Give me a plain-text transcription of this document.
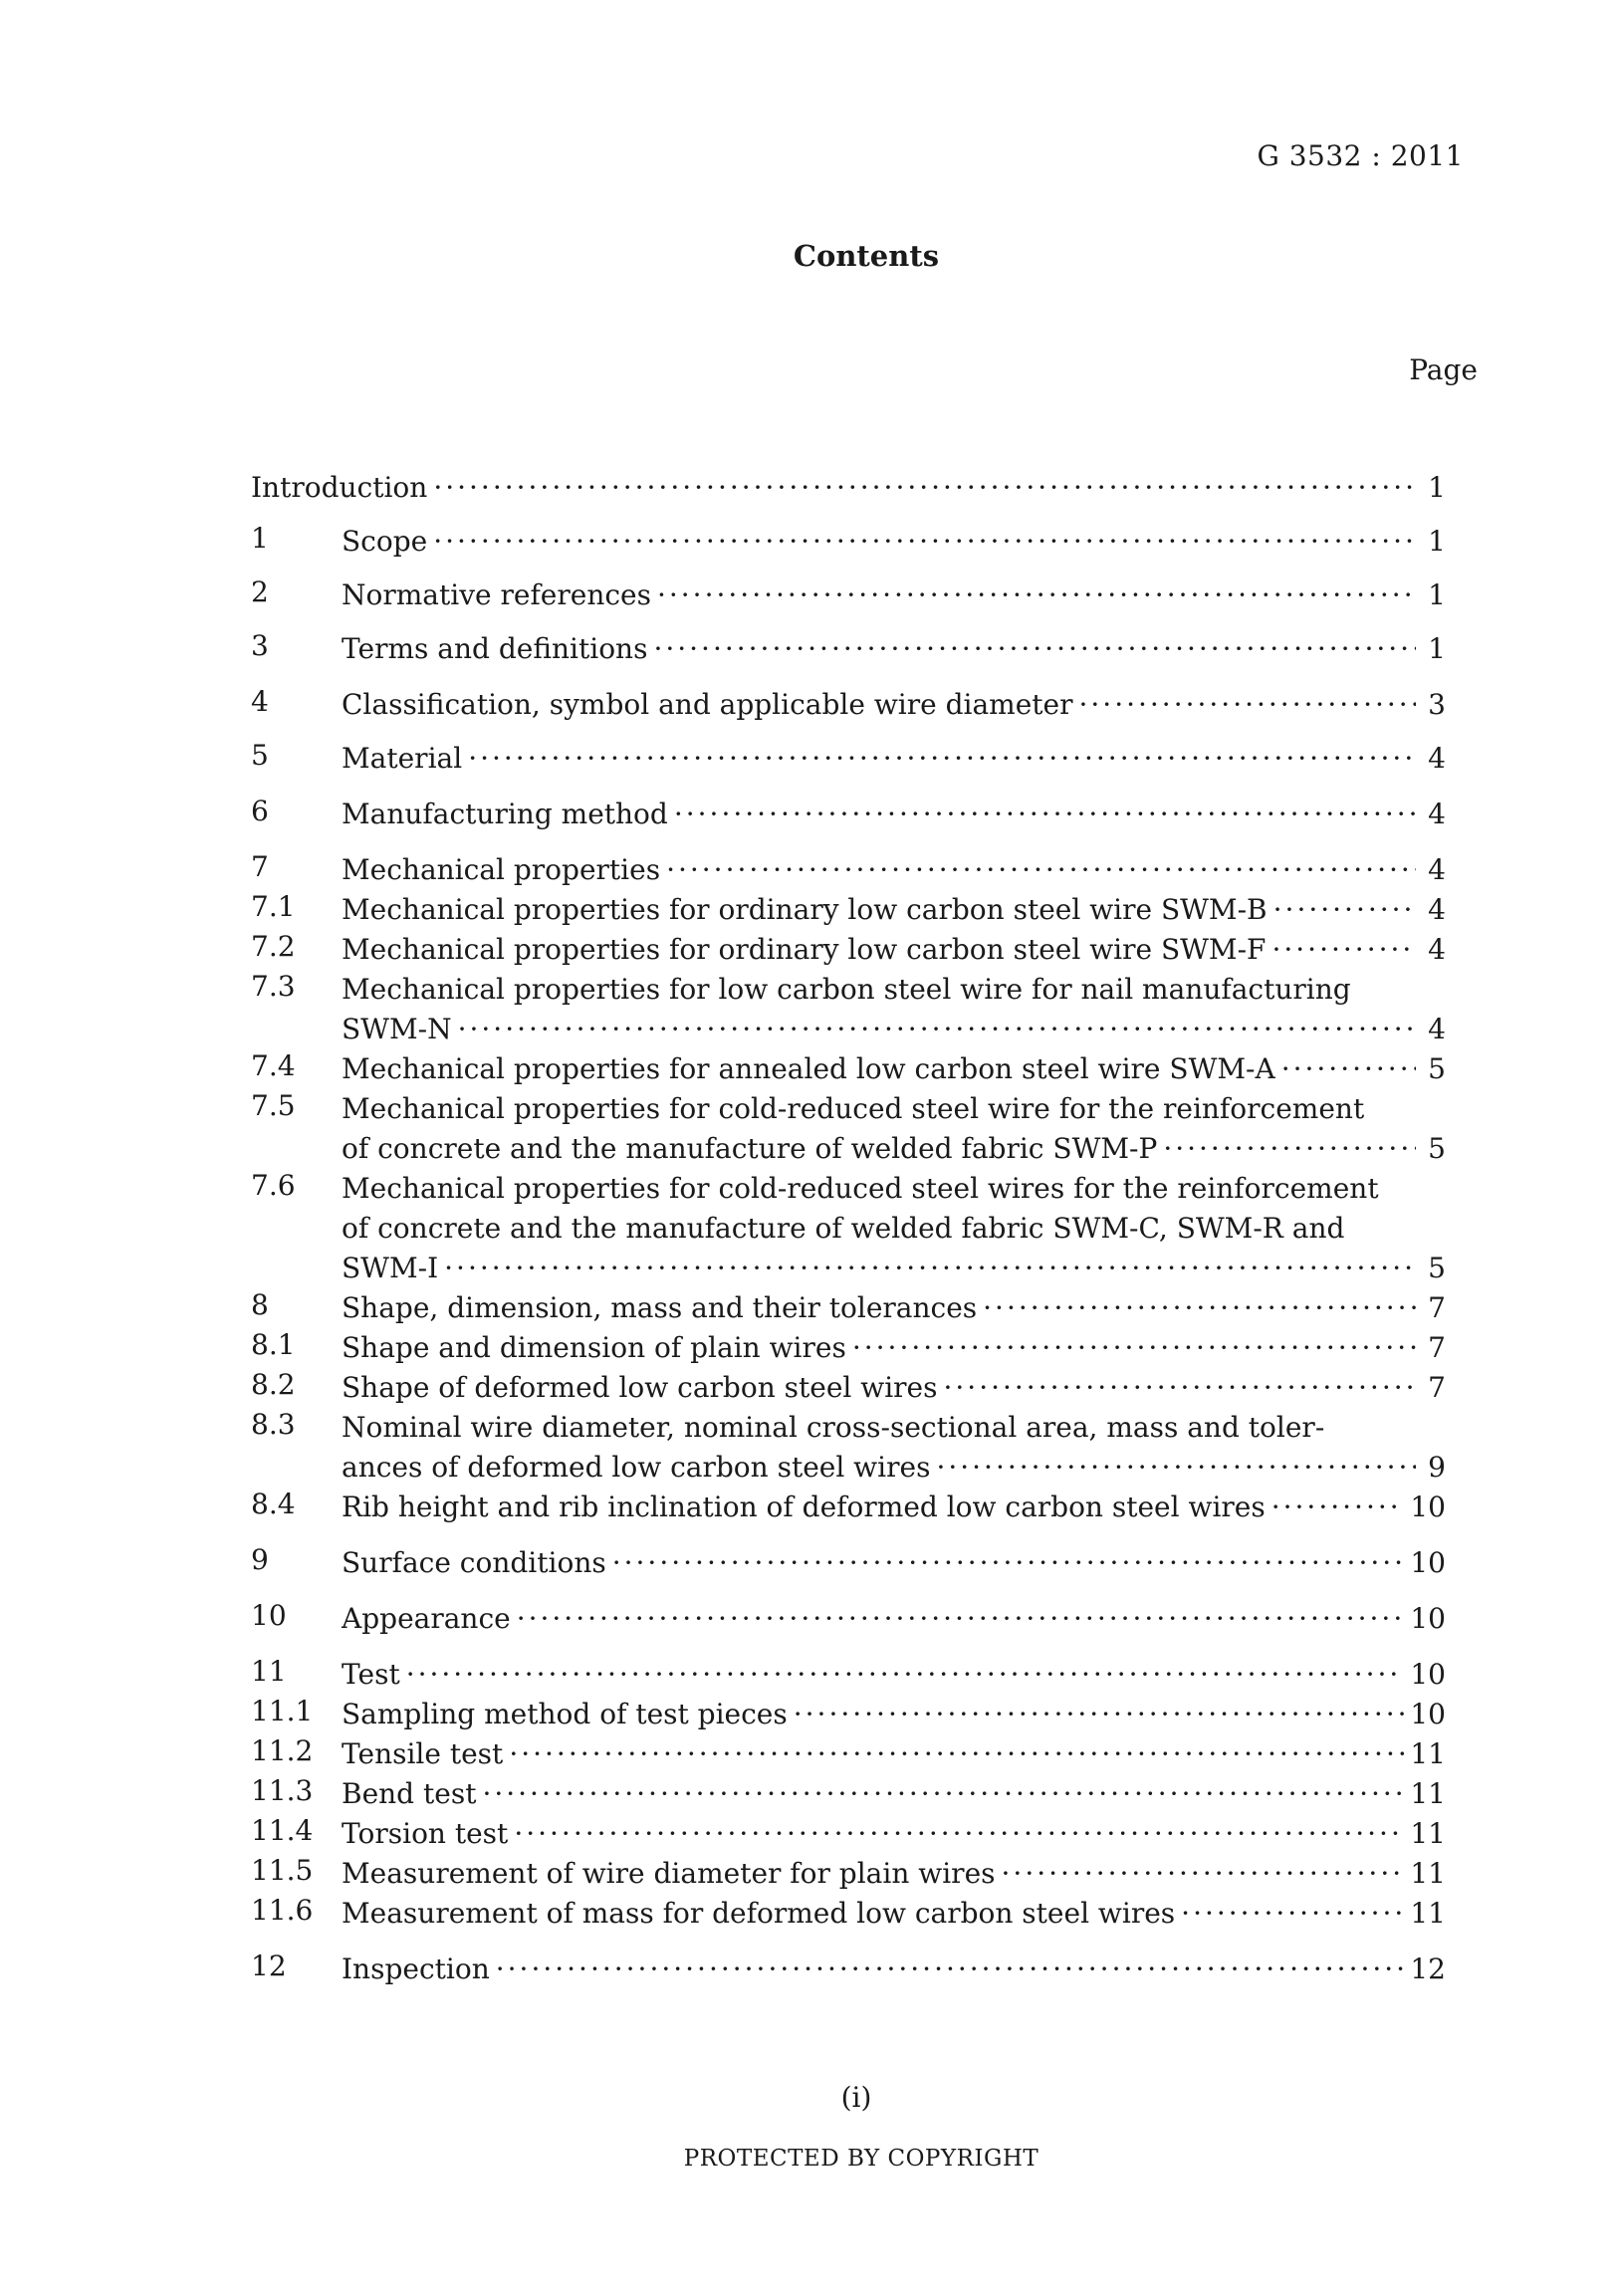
G 3532 : 2011
Contents
Page
Introduction ·····	1
1	Scope ·····	1
2	Normative references ·····	1
3	Terms and definitions ·····	1
4	Classification, symbol and applicable wire diameter ·····	3
5	Material ·····	4
6	Manufacturing method ·····	4
7	Mechanical properties ·····	4
7.1	Mechanical properties for ordinary low carbon steel wire SWM-B ·····	4
7.2	Mechanical properties for ordinary low carbon steel wire SWM-F ·····	4
7.3	Mechanical properties for low carbon steel wire for nail manufacturing
SWM-N ·····	4
7.4	Mechanical properties for annealed low carbon steel wire SWM-A ·····	5
7.5	Mechanical properties for cold-reduced steel wire for the reinforcement
of concrete and the manufacture of welded fabric SWM-P ·····	5
7.6	Mechanical properties for cold-reduced steel wires for the reinforcement
of concrete and the manufacture of welded fabric SWM-C, SWM-R and
SWM-I ·····	5
8	Shape, dimension, mass and their tolerances ·····	7
8.1	Shape and dimension of plain wires ·····	7
8.2	Shape of deformed low carbon steel wires ·····	7
8.3	Nominal wire diameter, nominal cross-sectional area, mass and toler-
ances of deformed low carbon steel wires ·····	9
8.4	Rib height and rib inclination of deformed low carbon steel wires ·····	10
9	Surface conditions ·····	10
10	Appearance ·····	10
11	Test ·····	10
11.1	Sampling method of test pieces ·····	10
11.2	Tensile test ·····	11
11.3	Bend test ·····	11
11.4	Torsion test ·····	11
11.5	Measurement of wire diameter for plain wires ·····	11
11.6	Measurement of mass for deformed low carbon steel wires ·····	11
12	Inspection ·····	12
(i)
PROTECTED BY COPYRIGHT
